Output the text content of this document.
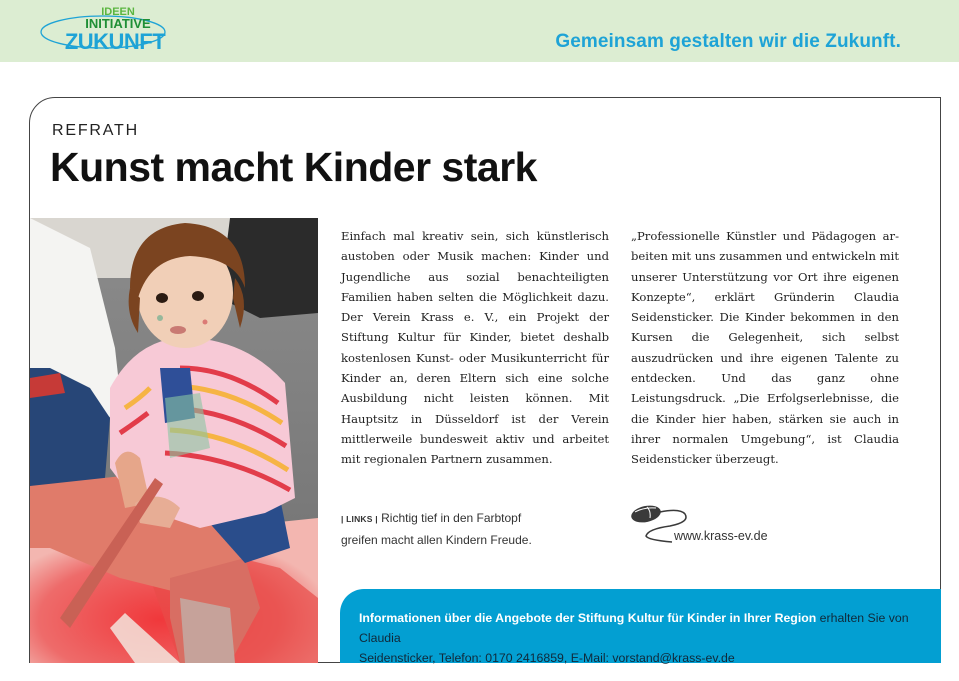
IDEEN
INITIATIVE
ZUKUNFT	Gemeinsam gestalten wir die Zukunft.
REFRATH
Kunst macht Kinder stark
Einfach mal kreativ sein, sich künstlerisch austoben oder Musik machen: Kinder und Jugendliche aus sozial benachteiligten Familien haben selten die Möglichkeit dazu. Der Verein Krass e. V., ein Projekt der Stiftung Kultur für Kinder, bietet deshalb kostenlosen Kunst- oder Musikunterricht für Kinder an, deren Eltern sich eine solche Ausbildung nicht leisten können. Mit Hauptsitz in Düsseldorf ist der Verein mittlerweile bundesweit aktiv und arbeitet mit regionalen Partnern zusammen.
„Professionelle Künstler und Pädagogen arbeiten mit uns zusammen und entwickeln mit unserer Unterstützung vor Ort ihre eigenen Konzepte“, erklärt Gründerin Claudia Seidensticker. Die Kinder bekommen in den Kursen die Gelegenheit, sich selbst auszudrücken und ihre eigenen Talente zu entdecken. Und das ganz ohne Leistungsdruck. „Die Erfolgserlebnisse, die die Kinder hier haben, stärken sie auch in ihrer normalen Umgebung“, ist Claudia Seidensticker überzeugt.
| LINKS | Richtig tief in den Farbtopf greifen macht allen Kindern Freude.	www.krass-ev.de
Informationen über die Angebote der Stiftung Kultur für Kinder in Ihrer Region erhalten Sie von Claudia
Seidensticker, Telefon: 0170 2416859, E-Mail: vorstand@krass-ev.de
